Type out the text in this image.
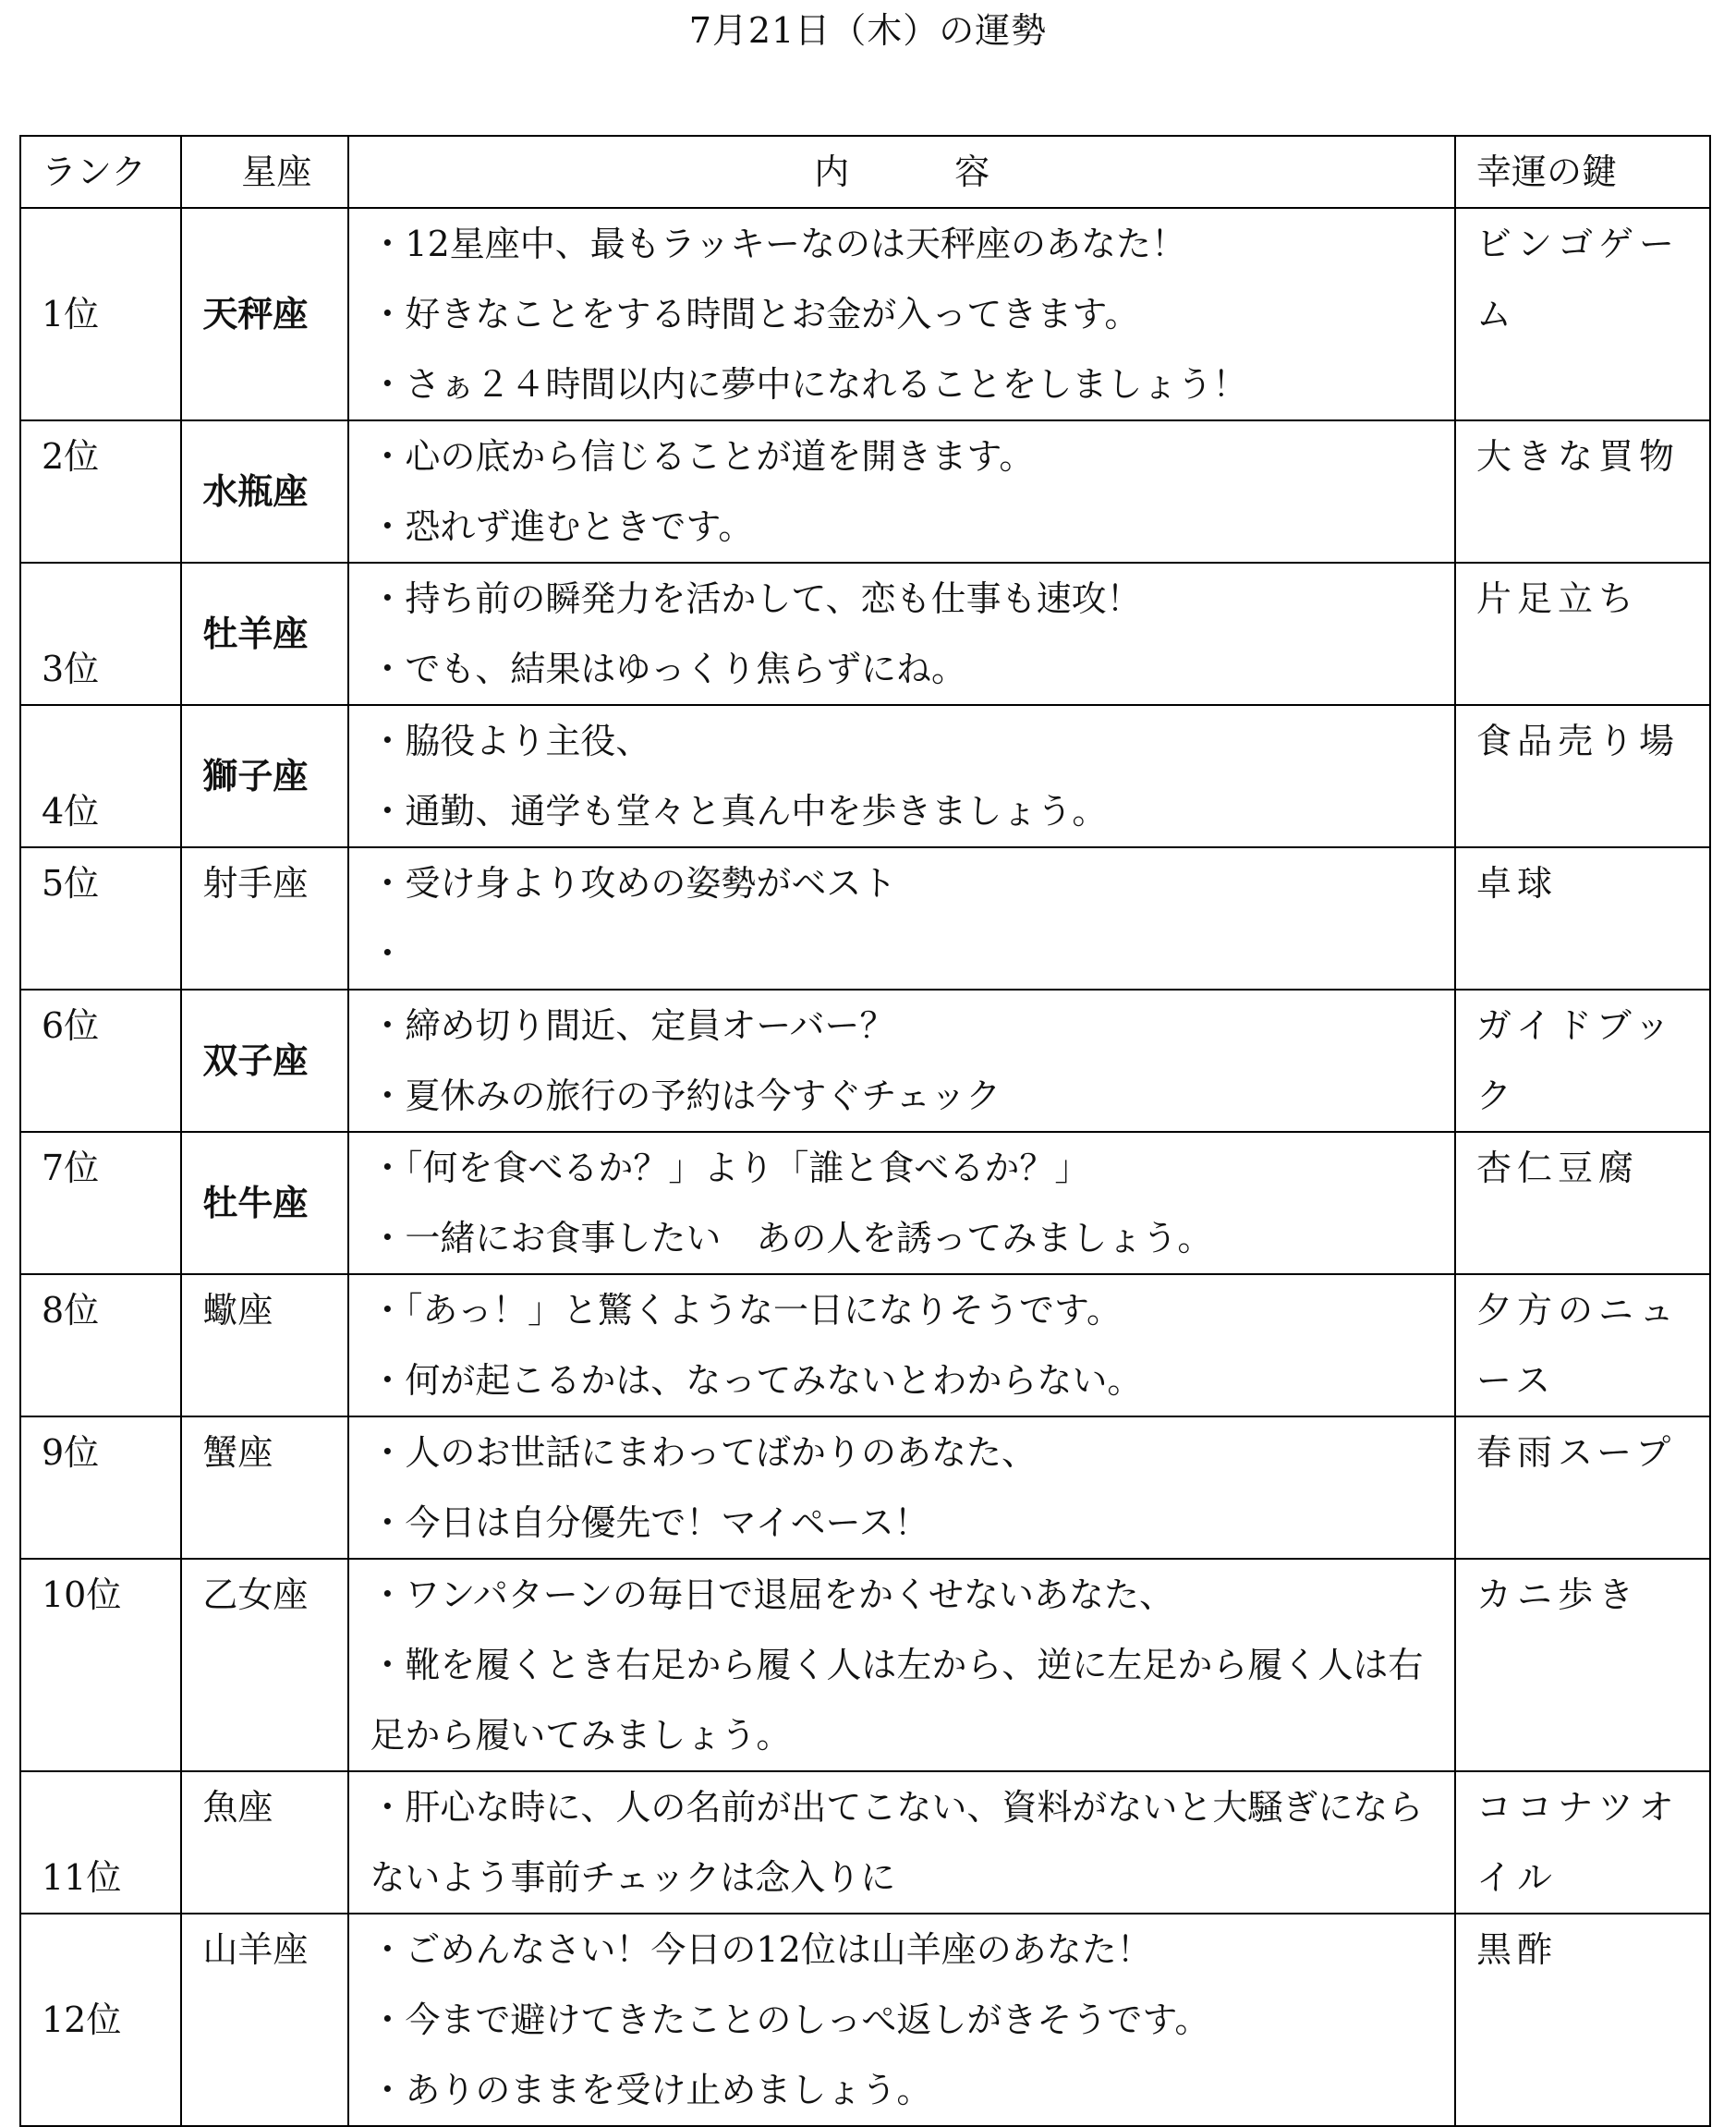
7月21日（木）の運勢
ランク	星座	内　　　容	幸運の鍵
1位	天秤座	・12星座中、最もラッキーなのは天秤座のあなた！
・好きなことをする時間とお金が入ってきます。
・さぁ２４時間以内に夢中になれることをしましょう！	ビンゴゲーム
2位	水瓶座	・心の底から信じることが道を開きます。
・恐れず進むときです。	大きな買物
3位	牡羊座	・持ち前の瞬発力を活かして、恋も仕事も速攻！
・でも、結果はゆっくり焦らずにね。	片足立ち
4位	獅子座	・脇役より主役、
・通勤、通学も堂々と真ん中を歩きましょう。	食品売り場
5位	射手座	・受け身より攻めの姿勢がベスト
・	卓球
6位	双子座	・締め切り間近、定員オーバー？
・夏休みの旅行の予約は今すぐチェック	ガイドブック
7位	牡牛座	・「何を食べるか？」より「誰と食べるか？」
・一緒にお食事したい　あの人を誘ってみましょう。	杏仁豆腐
8位	蠍座	・「あっ！」と驚くような一日になりそうです。
・何が起こるかは、なってみないとわからない。	夕方のニュース
9位	蟹座	・人のお世話にまわってばかりのあなた、
・今日は自分優先で！マイペース！	春雨スープ
10位	乙女座	・ワンパターンの毎日で退屈をかくせないあなた、
・靴を履くとき右足から履く人は左から、逆に左足から履く人は右足から履いてみましょう。	カニ歩き
11位	魚座	・肝心な時に、人の名前が出てこない、資料がないと大騒ぎにならないよう事前チェックは念入りに	ココナツオイル
12位	山羊座	・ごめんなさい！今日の12位は山羊座のあなた！
・今まで避けてきたことのしっぺ返しがきそうです。
・ありのままを受け止めましょう。	黒酢
